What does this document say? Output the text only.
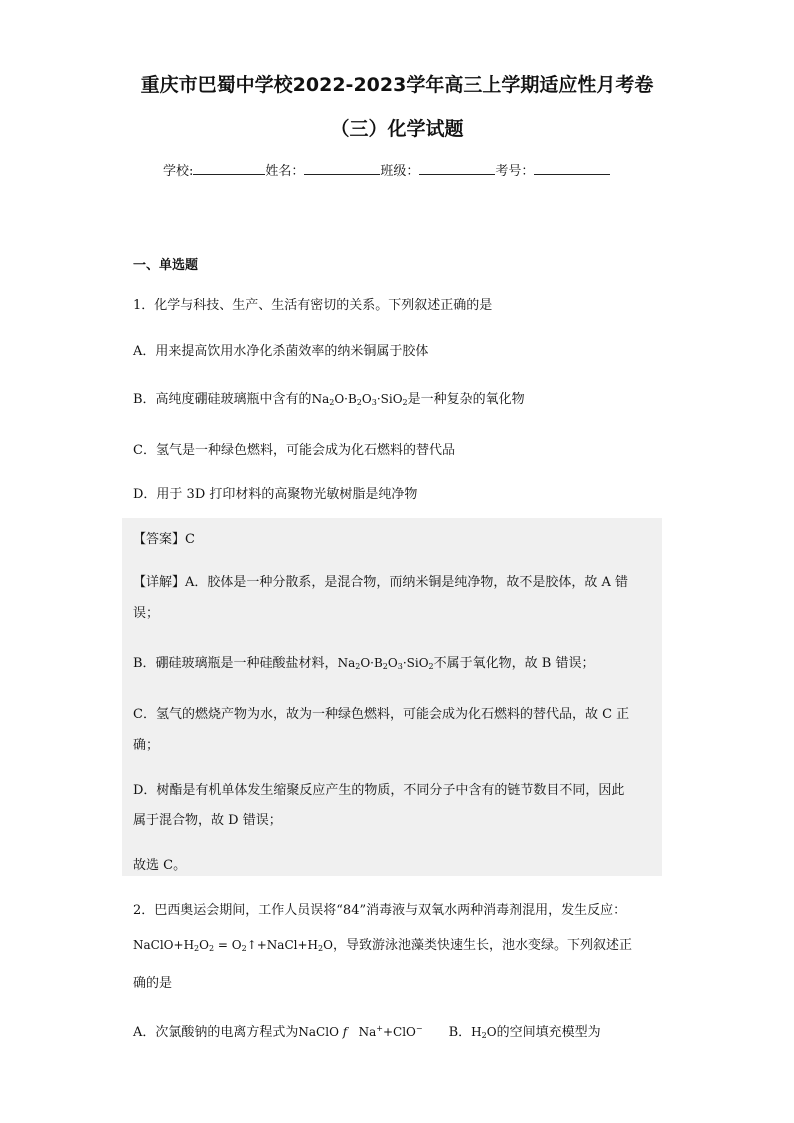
重庆市巴蜀中学校2022-2023学年高三上学期适应性月考卷
（三）化学试题
学校:	姓名：	班级：	考号：
一、单选题
1．化学与科技、生产、生活有密切的关系。下列叙述正确的是
A．用来提高饮用水净化杀菌效率的纳米铜属于胶体
B．高纯度硼硅玻璃瓶中含有的$Na_2O\cdot B_2O_3\cdot SiO_2$是一种复杂的氧化物
C．氢气是一种绿色燃料，可能会成为化石燃料的替代品
D．用于 3D 打印材料的高聚物光敏树脂是纯净物
【答案】C
【详解】A．胶体是一种分散系，是混合物，而纳米铜是纯净物，故不是胶体，故 A 错
误；
B．硼硅玻璃瓶是一种硅酸盐材料，$Na_2O\cdot B_2O_3\cdot SiO_2$不属于氧化物，故 B 错误；
C．氢气的燃烧产物为水，故为一种绿色燃料，可能会成为化石燃料的替代品，故 C 正
确；
D．树酯是有机单体发生缩聚反应产生的物质，不同分子中含有的链节数目不同，因此
属于混合物，故 D 错误；
故选 C。
2．巴西奥运会期间，工作人员误将“84”消毒液与双氧水两种消毒剂混用，发生反应：
$NaClO+H_2O_2$ = $O_2↑+NaCl+H_2O$，导致游泳池藻类快速生长，池水变绿。下列叙述正
确的是
A．次氯酸钠的电离方程式为NaClO f   Na++ClO− B．$H_2O$的空间填充模型为
